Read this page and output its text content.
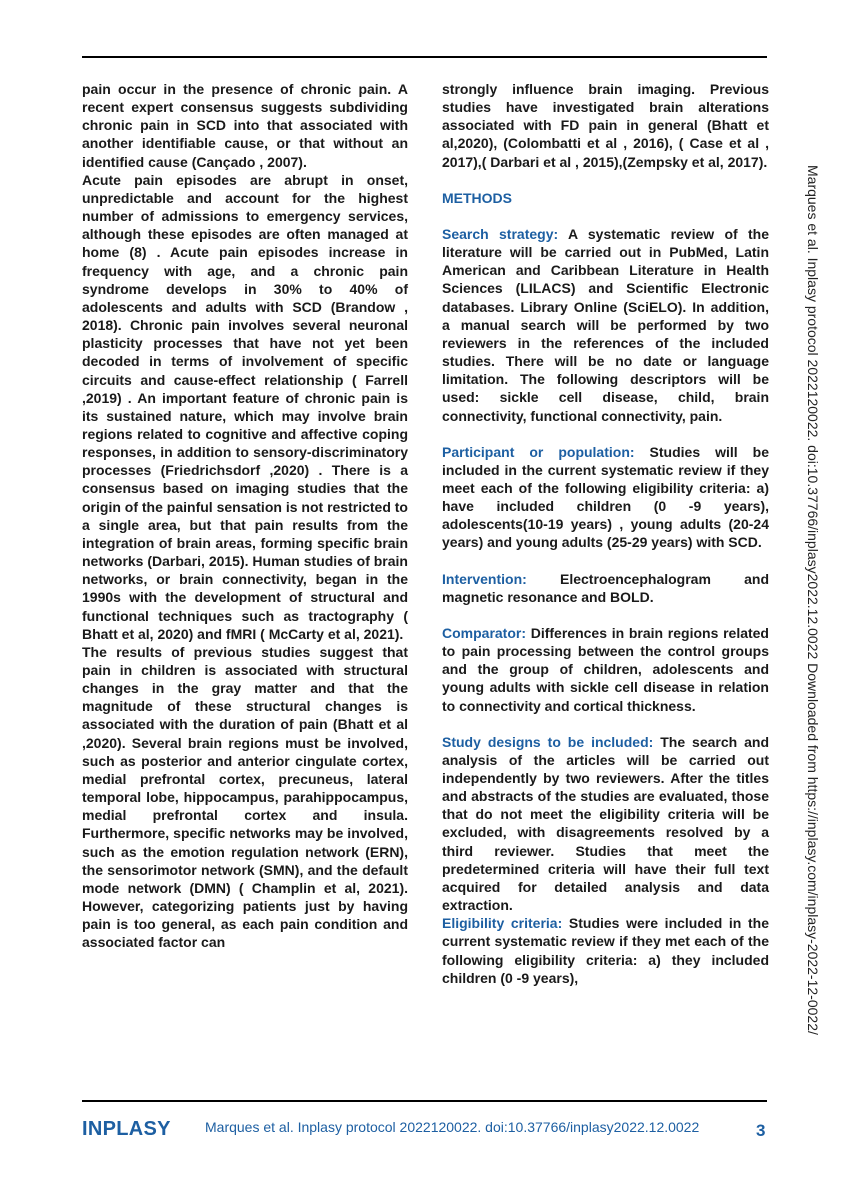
pain occur in the presence of chronic pain. A recent expert consensus suggests subdividing chronic pain in SCD into that associated with another identifiable cause, or that without an identified cause (Cançado , 2007).

Acute pain episodes are abrupt in onset, unpredictable and account for the highest number of admissions to emergency services, although these episodes are often managed at home (8) . Acute pain episodes increase in frequency with age, and a chronic pain syndrome develops in 30% to 40% of adolescents and adults with SCD (Brandow , 2018). Chronic pain involves several neuronal plasticity processes that have not yet been decoded in terms of involvement of specific circuits and cause-effect relationship ( Farrell ,2019) . An important feature of chronic pain is its sustained nature, which may involve brain regions related to cognitive and affective coping responses, in addition to sensory-discriminatory processes (Friedrichsdorf ,2020) . There is a consensus based on imaging studies that the origin of the painful sensation is not restricted to a single area, but that pain results from the integration of brain areas, forming specific brain networks (Darbari, 2015). Human studies of brain networks, or brain connectivity, began in the 1990s with the development of structural and functional techniques such as tractography ( Bhatt et al, 2020) and fMRI ( McCarty et al, 2021).

The results of previous studies suggest that pain in children is associated with structural changes in the gray matter and that the magnitude of these structural changes is associated with the duration of pain (Bhatt et al ,2020). Several brain regions must be involved, such as posterior and anterior cingulate cortex, medial prefrontal cortex, precuneus, lateral temporal lobe, hippocampus, parahippocampus, medial prefrontal cortex and insula. Furthermore, specific networks may be involved, such as the emotion regulation network (ERN), the sensorimotor network (SMN), and the default mode network (DMN) ( Champlin et al, 2021). However, categorizing patients just by having pain is too general, as each pain condition and associated factor can

strongly influence brain imaging. Previous studies have investigated brain alterations associated with FD pain in general (Bhatt et al,2020), (Colombatti et al , 2016), ( Case et al , 2017),( Darbari et al , 2015),(Zempsky et al, 2017).

METHODS

Search strategy: A systematic review of the literature will be carried out in PubMed, Latin American and Caribbean Literature in Health Sciences (LILACS) and Scientific Electronic databases. Library Online (SciELO). In addition, a manual search will be performed by two reviewers in the references of the included studies. There will be no date or language limitation. The following descriptors will be used: sickle cell disease, child, brain connectivity, functional connectivity, pain.

Participant or population: Studies will be included in the current systematic review if they meet each of the following eligibility criteria: a) have included children (0 -9 years), adolescents(10-19 years) , young adults (20-24 years) and young adults (25-29 years) with SCD.

Intervention: Electroencephalogram and magnetic resonance and BOLD.

Comparator: Differences in brain regions related to pain processing between the control groups and the group of children, adolescents and young adults with sickle cell disease in relation to connectivity and cortical thickness.

Study designs to be included: The search and analysis of the articles will be carried out independently by two reviewers. After the titles and abstracts of the studies are evaluated, those that do not meet the eligibility criteria will be excluded, with disagreements resolved by a third reviewer. Studies that meet the predetermined criteria will have their full text acquired for detailed analysis and data extraction.

Eligibility criteria: Studies were included in the current systematic review if they met each of the following eligibility criteria: a) they included children (0 -9 years),	Marques et al. Inplasy protocol 2022120022. doi:10.37766/inplasy2022.12.0022 Downloaded from https://inplasy.com/inplasy-2022-12-0022/
INPLASY Marques et al. Inplasy protocol 2022120022. doi:10.37766/inplasy2022.12.0022	3
